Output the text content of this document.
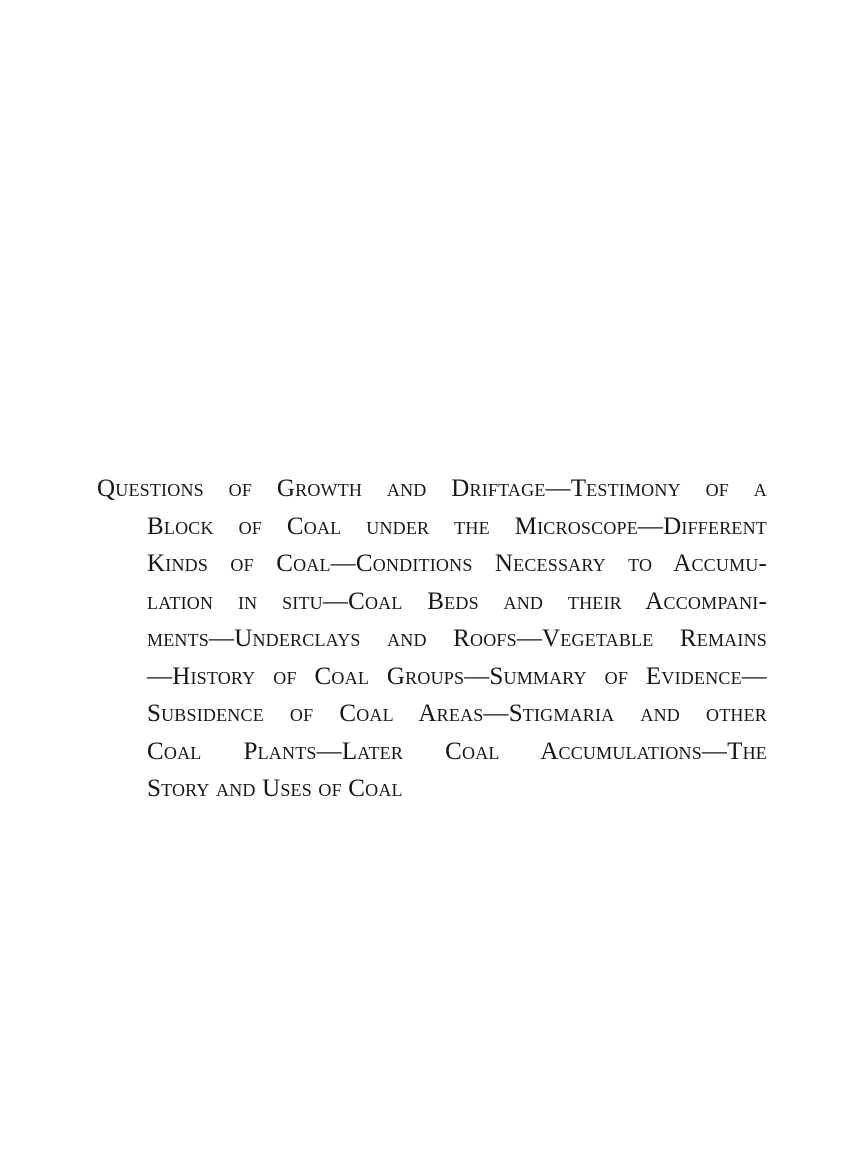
Questions of Growth and Driftage—Testimony of a
Block of Coal under the Microscope—Different
Kinds of Coal—Conditions Necessary to Accumu-
lation in situ—Coal Beds and their Accompani-
ments—Underclays and Roofs—Vegetable Remains
—History of Coal Groups—Summary of Evidence—
Subsidence of Coal Areas—Stigmaria and other
Coal Plants—Later Coal Accumulations—The
Story and Uses of Coal
